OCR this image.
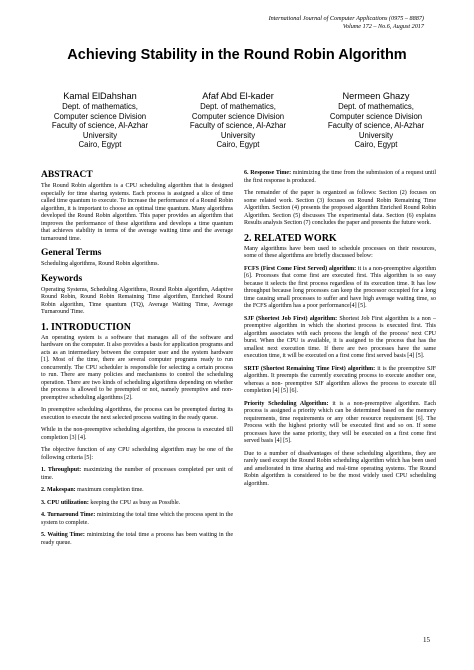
International Journal of Computer Applications (0975 – 8887)
Volume 172 – No.6, August 2017
Achieving Stability in the Round Robin Algorithm
Kamal ElDahshan
Dept. of mathematics,
Computer science Division
Faculty of science, Al-Azhar
University
Cairo, Egypt
Afaf Abd El-kader
Dept. of mathematics,
Computer science Division
Faculty of science, Al-Azhar
University
Cairo, Egypt
Nermeen Ghazy
Dept. of mathematics,
Computer science Division
Faculty of science, Al-Azhar
University
Cairo, Egypt
ABSTRACT
The Round Robin algorithm is a CPU scheduling algorithm that is designed especially for time sharing systems. Each process is assigned a slice of time called time quantum to execute. To increase the performance of a Round Robin algorithm, it is important to choose an optimal time quantum. Many algorithms developed the Round Robin algorithm. This paper provides an algorithm that improves the performance of these algorithms and develops a time quantum that achieves stability in terms of the average waiting time and the average turnaround time.
General Terms
Scheduling algorithms, Round Robin algorithms.
Keywords
Operating Systems, Scheduling Algorithms, Round Robin algorithm, Adaptive Round Robin, Round Robin Remaining Time algorithm, Enriched Round Robin algorithm, Time quantum (TQ), Average Waiting Time, Average Turnaround Time.
1. INTRODUCTION
An operating system is a software that manages all of the software and hardware on the computer. It also provides a basis for application programs and acts as an intermediary between the computer user and the system hardware [1]. Most of the time, there are several computer programs ready to run concurrently. The CPU scheduler is responsible for selecting a certain process to run. There are many policies and mechanisms to control the scheduling operation. There are two kinds of scheduling algorithms depending on whether the process is allowed to be preempted or not, namely preemptive and non-preemptive scheduling algorithms [2].
In preemptive scheduling algorithms, the process can be preempted during its execution to execute the next selected process waiting in the ready queue.
While in the non-preemptive scheduling algorithm, the process is executed till completion [3] [4].
The objective function of any CPU scheduling algorithm may be one of the following criteria [5]:
1. Throughput: maximizing the number of processes completed per unit of time.
2. Makespan: maximum completion time.
3. CPU utilization: keeping the CPU as busy as Possible.
4. Turnaround Time: minimizing the total time which the process spent in the system to complete.
5. Waiting Time: minimizing the total time a process has been waiting in the ready queue.
6. Response Time: minimizing the time from the submission of a request until the first response is produced.
The remainder of the paper is organized as follows: Section (2) focuses on some related work. Section (3) focuses on Round Robin Remaining Time Algorithm. Section (4) presents the proposed algorithm Enriched Round Robin Algorithm. Section (5) discusses The experimental data. Section (6) explains Results analysis Section (7) concludes the paper and presents the future work.
2. RELATED WORK
Many algorithms have been used to schedule processes on their resources, some of these algorithms are briefly discussed below:
FCFS (First Come First Served) algorithm: it is a non-preemptive algorithm [6]. Processes that come first are executed first. This algorithm is so easy because it selects the first process regardless of its execution time. It has low throughput because long processes can keep the processor occupied for a long time causing small processes to suffer and have high average waiting time, so the FCFS algorithm has a poor performance[4] [5].
SJF (Shortest Job First) algorithm: Shortest Job First algorithm is a non – preemptive algorithm in which the shortest process is executed first. This algorithm associates with each process the length of the process' next CPU burst. When the CPU is available, it is assigned to the process that has the smallest next execution time. If there are two processes have the same execution time, it will be executed on a first come first served basis [4] [5].
SRTF (Shortest Remaining Time First) algorithm: it is the preemptive SJF algorithm. It preempts the currently executing process to execute another one, whereas a non- preemptive SJF algorithm allows the process to execute till completion [4] [5] [6].
Priority Scheduling Algorithm: it is a non-preemptive algorithm. Each process is assigned a priority which can be determined based on the memory requirements, time requirements or any other resource requirement [6]. The Process with the highest priority will be executed first and so on. If some processes have the same priority, they will be executed on a first come first served basis [4] [5].
Due to a number of disadvantages of these scheduling algorithms, they are rarely used except the Round Robin scheduling algorithm which has been used and ameliorated in time sharing and real-time operating systems. The Round Robin algorithm is considered to be the most widely used CPU scheduling algorithm.
15
